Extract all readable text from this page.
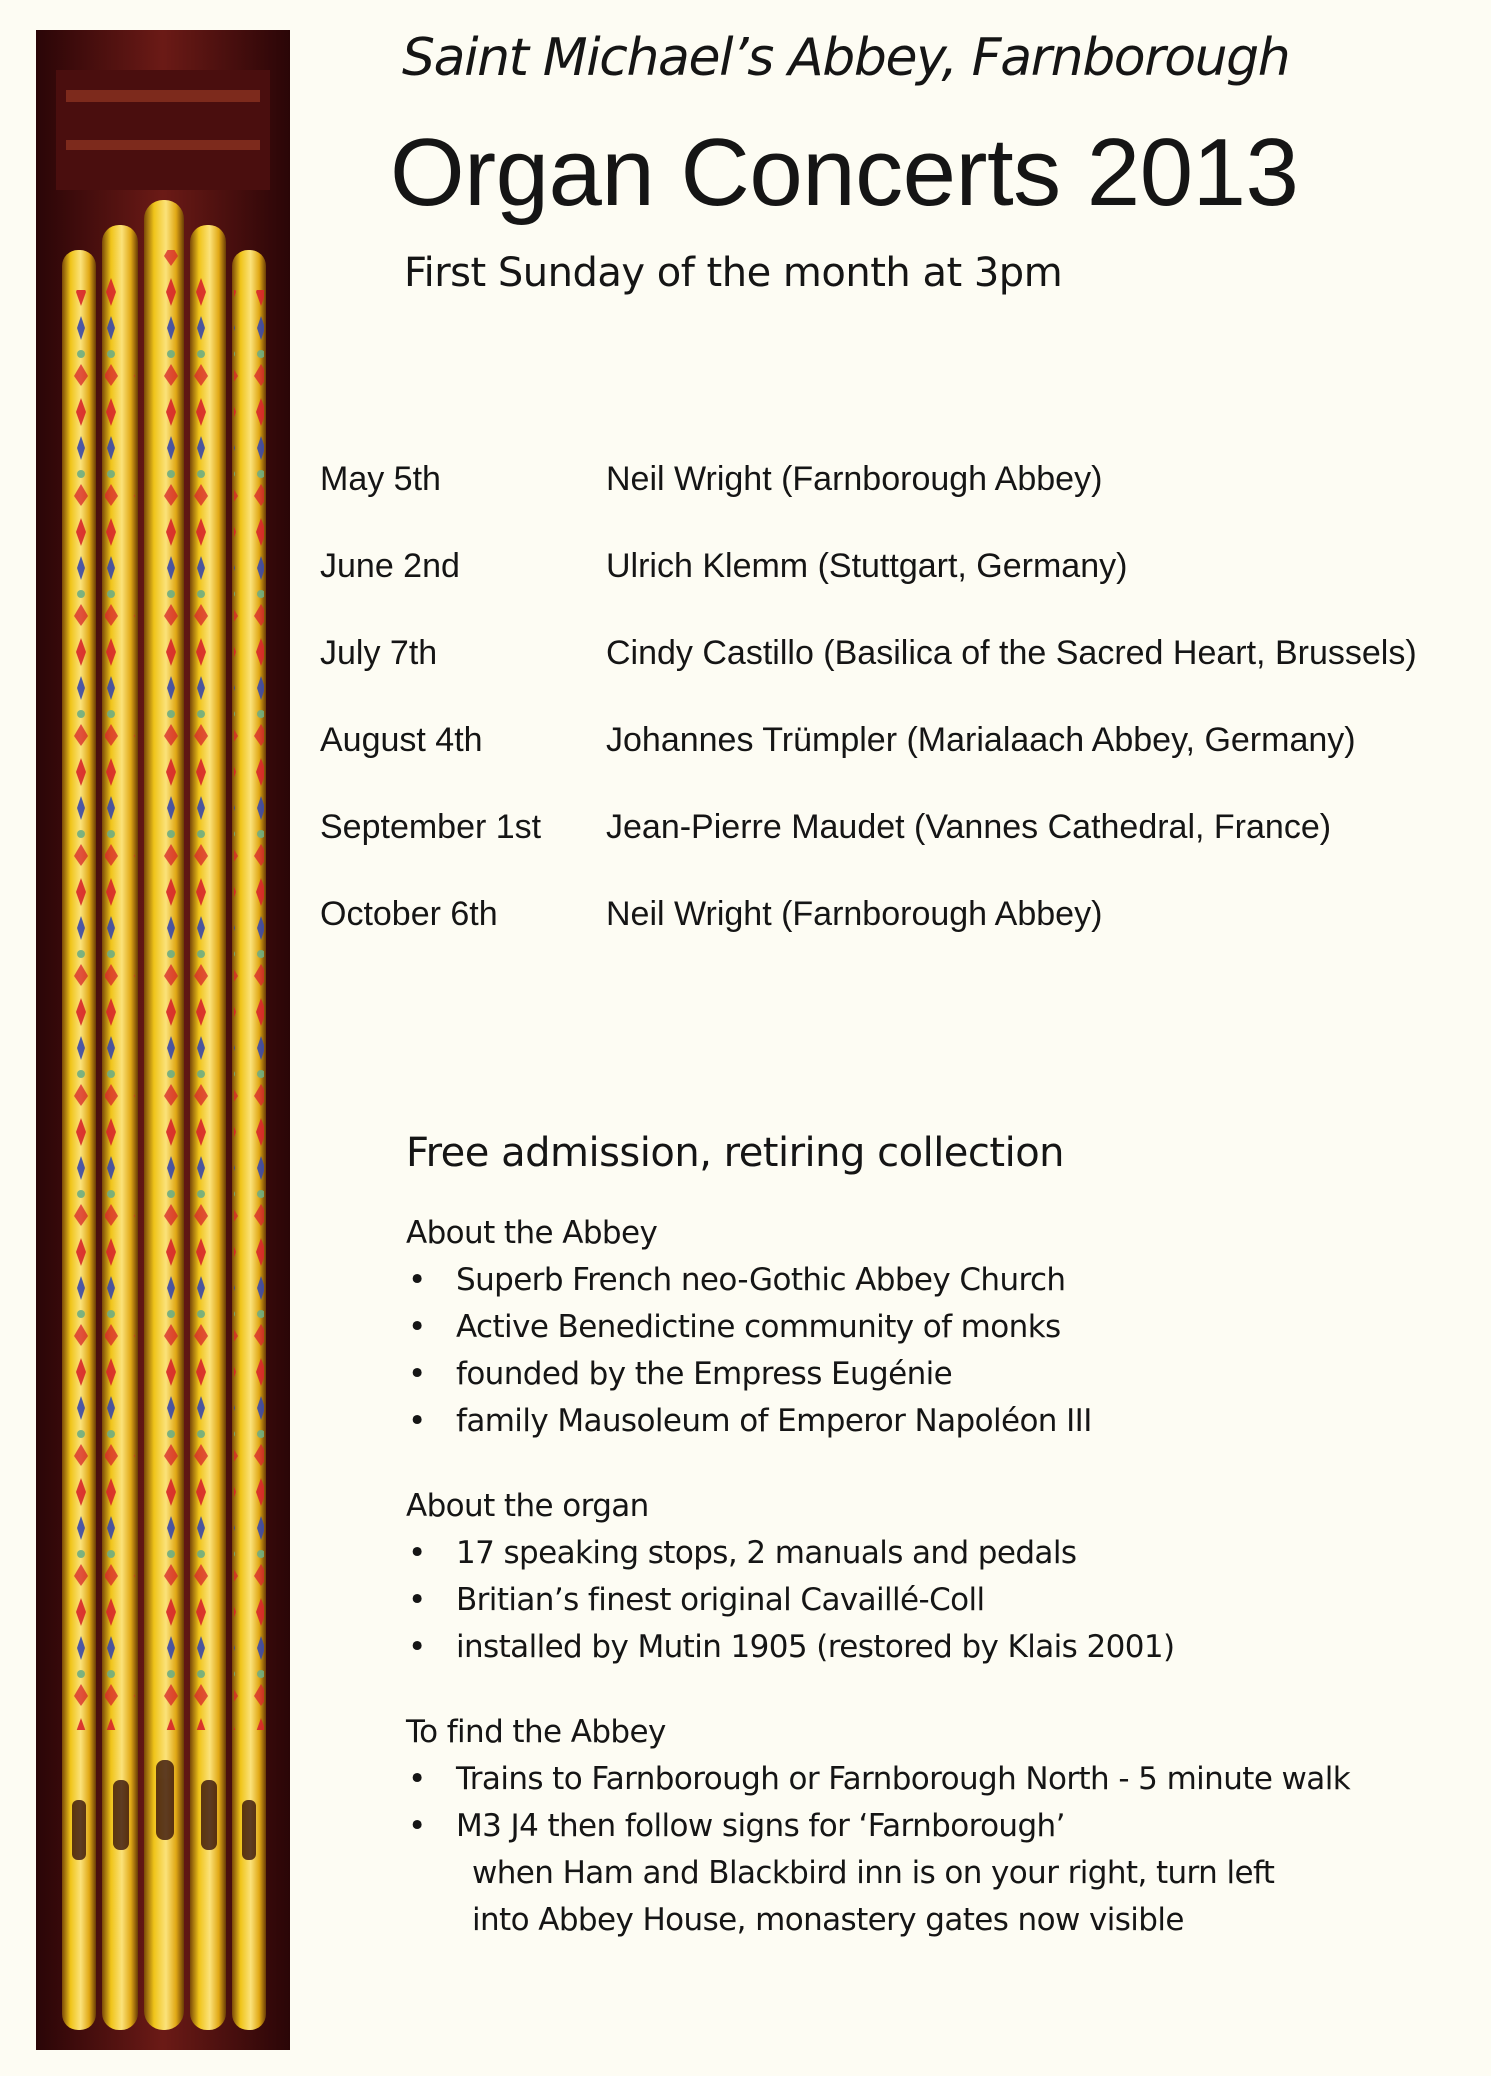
Saint Michael’s Abbey, Farnborough
Organ Concerts 2013
First Sunday of the month at 3pm
May 5th	Neil Wright (Farnborough Abbey)
June 2nd	Ulrich Klemm (Stuttgart, Germany)
July 7th	Cindy Castillo (Basilica of the Sacred Heart, Brussels)
August 4th	Johannes Trümpler (Marialaach Abbey, Germany)
September 1st Jean-Pierre Maudet (Vannes Cathedral, France)
October 6th	Neil Wright (Farnborough Abbey)
Free admission, retiring collection
About the Abbey
• Superb French neo-Gothic Abbey Church
• Active Benedictine community of monks
• founded by the Empress Eugénie
• family Mausoleum of Emperor Napoléon III
About the organ
• 17 speaking stops, 2 manuals and pedals
• Britian’s finest original Cavaillé-Coll
• installed by Mutin 1905 (restored by Klais 2001)
To find the Abbey
• Trains to Farnborough or Farnborough North - 5 minute walk
• M3 J4 then follow signs for ‘Farnborough’
when Ham and Blackbird inn is on your right, turn left
into Abbey House, monastery gates now visible
